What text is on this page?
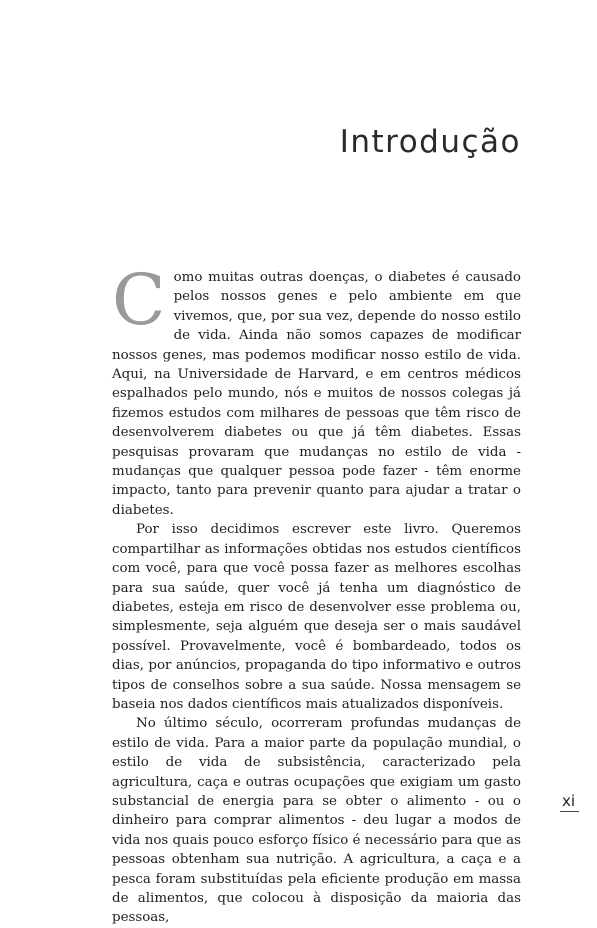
Introdução

Como muitas outras doenças, o diabetes é causado pelos nossos genes e pelo ambiente em que vivemos, que, por sua vez, depende do nosso estilo de vida. Ainda não somos capazes de modificar nossos genes, mas podemos modificar nosso estilo de vida. Aqui, na Universidade de Harvard, e em centros médicos espalhados pelo mundo, nós e muitos de nossos colegas já fizemos estudos com milhares de pessoas que têm risco de desenvolverem diabetes ou que já têm diabetes. Essas pesquisas provaram que mudanças no estilo de vida - mudanças que qualquer pessoa pode fazer - têm enorme impacto, tanto para prevenir quanto para ajudar a tratar o diabetes.

Por isso decidimos escrever este livro. Queremos compartilhar as informações obtidas nos estudos científicos com você, para que você possa fazer as melhores escolhas para sua saúde, quer você já tenha um diagnóstico de diabetes, esteja em risco de desenvolver esse problema ou, simplesmente, seja alguém que deseja ser o mais saudável possível. Provavelmente, você é bombardeado, todos os dias, por anúncios, propaganda do tipo informativo e outros tipos de conselhos sobre a sua saúde. Nossa mensagem se baseia nos dados científicos mais atualizados disponíveis.

No último século, ocorreram profundas mudanças de estilo de vida. Para a maior parte da população mundial, o estilo de vida de subsistência, caracterizado pela agricultura, caça e outras ocupações que exigiam um gasto substancial de energia para se obter o alimento - ou o dinheiro para comprar alimentos - deu lugar a modos de vida nos quais pouco esforço físico é necessário para que as pessoas obtenham sua nutrição. A agricultura, a caça e a pesca foram substituídas pela eficiente produção em massa de alimentos, que colocou à disposição da maioria das pessoas,

xi
